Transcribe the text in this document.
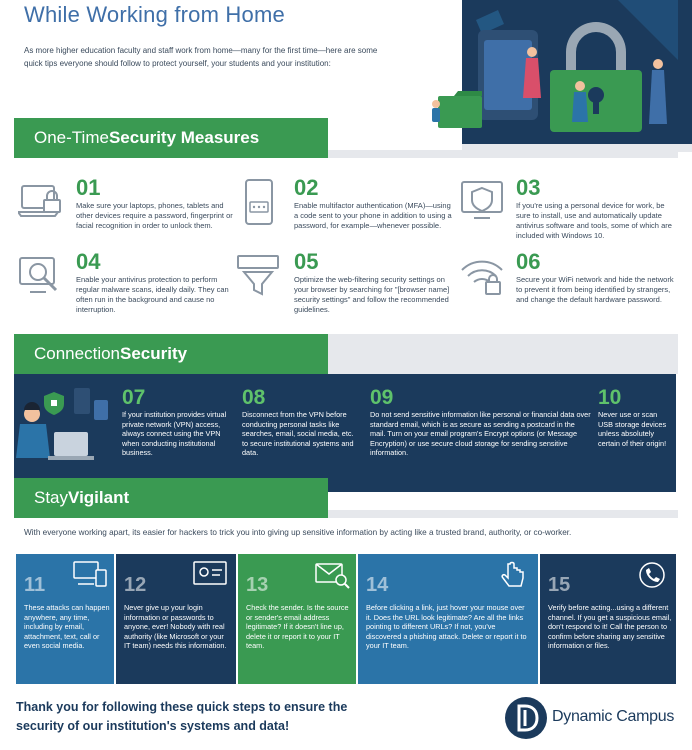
While Working from Home
As more higher education faculty and staff work from home—many for the first time—here are some quick tips everyone should follow to protect yourself, your students and your institution:
One-Time Security Measures
01
Make sure your laptops, phones, tablets and other devices require a password, fingerprint or facial recognition in order to unlock them.
02
Enable multifactor authentication (MFA)—using a code sent to your phone in addition to using a password, for example—whenever possible.
03
If you're using a personal device for work, be sure to install, use and automatically update antivirus software and tools, some of which are included with Windows 10.
04
Enable your antivirus protection to perform regular malware scans, ideally daily. They can often run in the background and cause no interruption.
05
Optimize the web-filtering security settings on your browser by searching for "[browser name] security settings" and follow the recommended guidelines.
06
Secure your WiFi network and hide the network to prevent it from being identified by strangers, and change the default hardware password.
Connection Security
07
If your institution provides virtual private network (VPN) access, always connect using the VPN when conducting institutional business.
08
Disconnect from the VPN before conducting personal tasks like searches, email, social media, etc. to secure institutional systems and data.
09
Do not send sensitive information like personal or financial data over standard email, which is as secure as sending a postcard in the mail. Turn on your email program's Encrypt options (or Message Encryption) or use secure cloud storage for sending sensitive information.
10
Never use or scan USB storage devices unless absolutely certain of their origin!
Stay Vigilant
With everyone working apart, its easier for hackers to trick you into giving up sensitive information by acting like a trusted brand, authority, or co-worker.
11
These attacks can happen anywhere, any time, including by email, attachment, text, call or even social media.
12
Never give up your login information or passwords to anyone, ever! Nobody with real authority (like Microsoft or your IT team) needs this information.
13
Check the sender. Is the source or sender's email address legitimate? If it doesn't line up, delete it or report it to your IT team.
14
Before clicking a link, just hover your mouse over it. Does the URL look legitimate? Are all the links pointing to different URLs? If not, you've discovered a phishing attack. Delete or report it to your IT team.
15
Verify before acting...using a different channel. If you get a suspicious email, don't respond to it! Call the person to confirm before sharing any sensitive information or files.
Thank you for following these quick steps to ensure the security of our institution's systems and data!
Dynamic Campus
